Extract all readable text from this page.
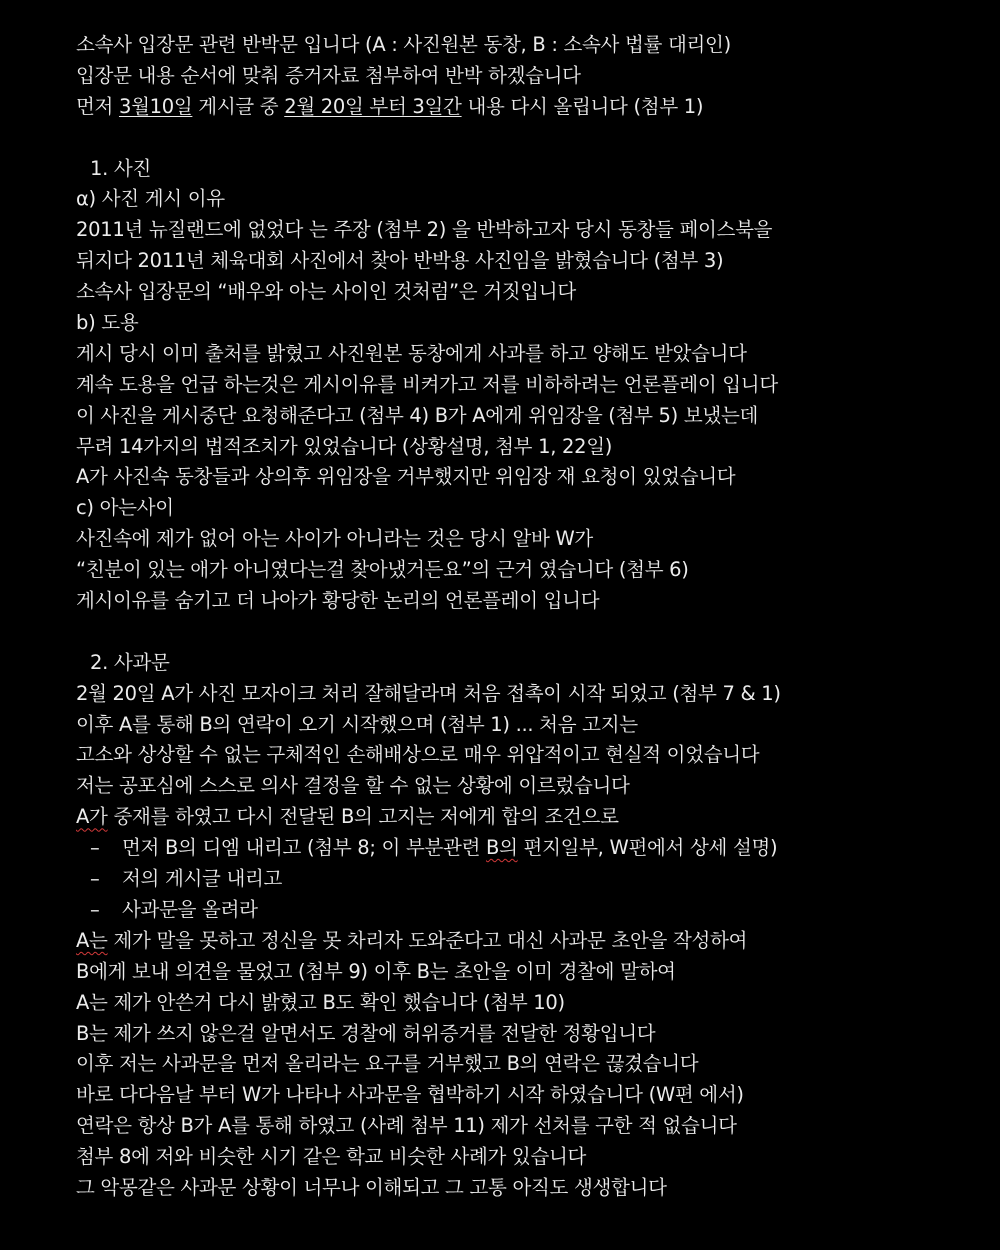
소속사 입장문 관련 반박문 입니다 (A : 사진원본 동창, B : 소속사 법률 대리인)
입장문 내용 순서에 맞춰 증거자료 첨부하여 반박 하겠습니다
먼저 3월10일 게시글 중 2월 20일 부터 3일간 내용 다시 올립니다 (첨부 1)
1. 사진
α) 사진 게시 이유
2011년 뉴질랜드에 없었다 는 주장 (첨부 2) 을 반박하고자 당시 동창들 페이스북을
뒤지다 2011년 체육대회 사진에서 찾아 반박용 사진임을 밝혔습니다 (첨부 3)
소속사 입장문의 “배우와 아는 사이인 것처럼”은 거짓입니다
b) 도용
게시 당시 이미 출처를 밝혔고 사진원본 동창에게 사과를 하고 양해도 받았습니다
계속 도용을 언급 하는것은 게시이유를 비켜가고 저를 비하하려는 언론플레이 입니다
이 사진을 게시중단 요청해준다고 (첨부 4) B가 A에게 위임장을 (첨부 5) 보냈는데
무려 14가지의 법적조치가 있었습니다 (상황설명, 첨부 1, 22일)
A가 사진속 동창들과 상의후 위임장을 거부했지만 위임장 재 요청이 있었습니다
c) 아는사이
사진속에 제가 없어 아는 사이가 아니라는 것은 당시 알바 W가
“친분이 있는 애가 아니였다는걸 찾아냈거든요”의 근거 였습니다 (첨부 6)
게시이유를 숨기고 더 나아가 황당한 논리의 언론플레이 입니다
2. 사과문
2월 20일 A가 사진 모자이크 처리 잘해달라며 처음 접촉이 시작 되었고 (첨부 7 & 1)
이후 A를 통해 B의 연락이 오기 시작했으며 (첨부 1) ... 처음 고지는
고소와 상상할 수 없는 구체적인 손해배상으로 매우 위압적이고 현실적 이었습니다
저는 공포심에 스스로 의사 결정을 할 수 없는 상황에 이르렀습니다
A가 중재를 하였고 다시 전달된 B의 고지는 저에게 합의 조건으로
– 먼저 B의 디엠 내리고 (첨부 8; 이 부분관련 B의 편지일부, W편에서 상세 설명)
– 저의 게시글 내리고
– 사과문을 올려라
A는 제가 말을 못하고 정신을 못 차리자 도와준다고 대신 사과문 초안을 작성하여
B에게 보내 의견을 물었고 (첨부 9) 이후 B는 초안을 이미 경찰에 말하여
A는 제가 안쓴거 다시 밝혔고 B도 확인 했습니다 (첨부 10)
B는 제가 쓰지 않은걸 알면서도 경찰에 허위증거를 전달한 정황입니다
이후 저는 사과문을 먼저 올리라는 요구를 거부했고 B의 연락은 끊겼습니다
바로 다다음날 부터 W가 나타나 사과문을 협박하기 시작 하였습니다 (W편 에서)
연락은 항상 B가 A를 통해 하였고 (사례 첨부 11) 제가 선처를 구한 적 없습니다
첨부 8에 저와 비슷한 시기 같은 학교 비슷한 사례가 있습니다
그 악몽같은 사과문 상황이 너무나 이해되고 그 고통 아직도 생생합니다
